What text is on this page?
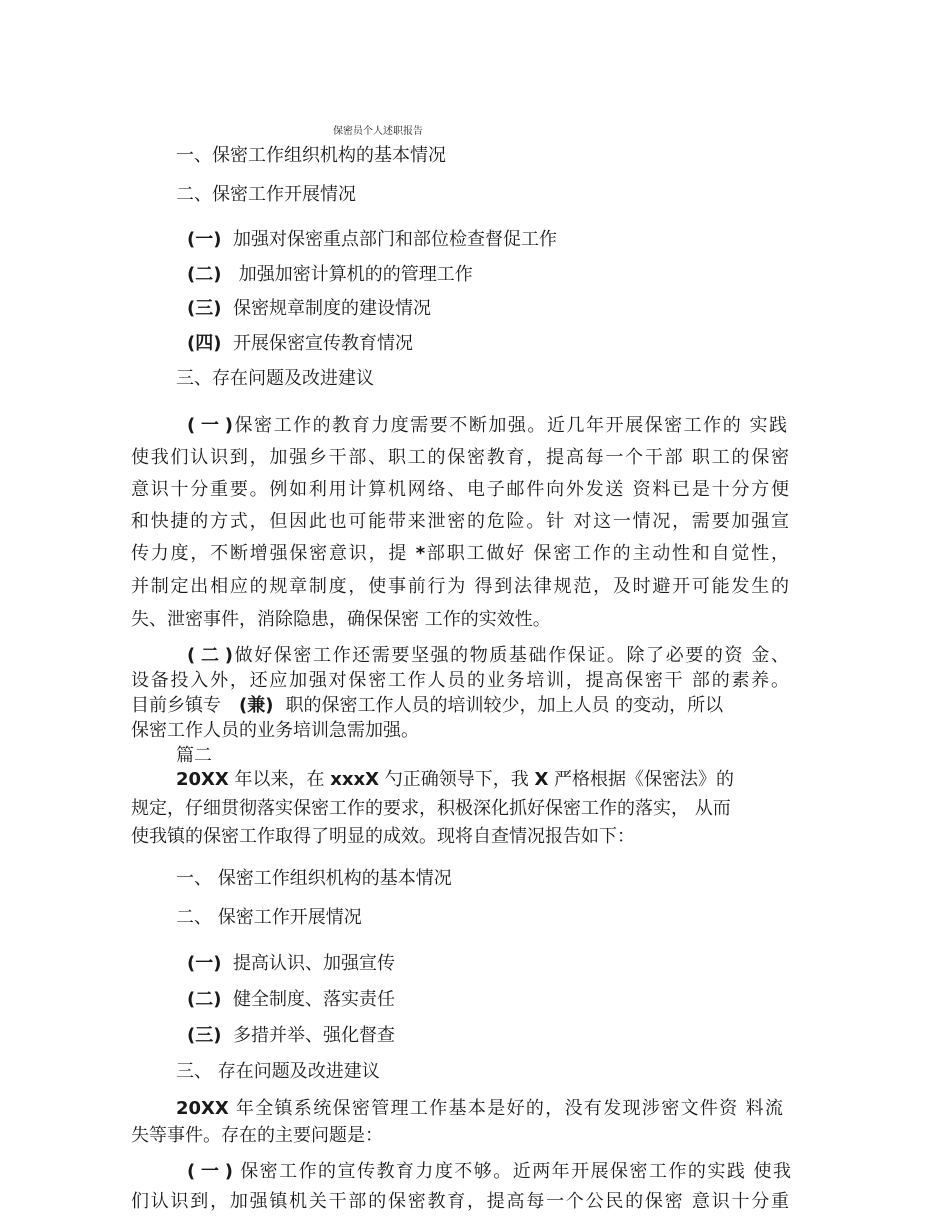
保密员个人述职报告
一、保密工作组织机构的基本情况
二、保密工作开展情况
(一) 加强对保密重点部门和部位检查督促工作
(二) 加强加密计算机的的管理工作
(三) 保密规章制度的建设情况
(四) 开展保密宣传教育情况
三、存在问题及改进建议
(一)保密工作的教育力度需要不断加强。近几年开展保密工作的 实践
使我们认识到，加强乡干部、职工的保密教育，提高每一个干部 职工的保密
意识十分重要。例如利用计算机网络、电子邮件向外发送 资料已是十分方便
和快捷的方式，但因此也可能带来泄密的危险。针 对这一情况，需要加强宣
传力度，不断增强保密意识，提 *部职工做好 保密工作的主动性和自觉性，
并制定出相应的规章制度，使事前行为 得到法律规范，及时避开可能发生的
失、泄密事件，消除隐患，确保保密 工作的实效性。
(二)做好保密工作还需要坚强的物质基础作保证。除了必要的资 金、
设备投入外，还应加强对保密工作人员的业务培训，提高保密干 部的素养。
目前乡镇专 (兼) 职的保密工作人员的培训较少，加上人员 的变动，所以
保密工作人员的业务培训急需加强。
篇二
20XX 年以来，在 xxxX 勺正确领导下，我 X 严格根据《保密法》的
规定，仔细贯彻落实保密工作的要求，积极深化抓好保密工作的落实， 从而
使我镇的保密工作取得了明显的成效。现将自查情况报告如下：
一、 保密工作组织机构的基本情况
二、 保密工作开展情况
(一) 提高认识、加强宣传
(二) 健全制度、落实责任
(三) 多措并举、强化督查
三、 存在问题及改进建议
20XX 年全镇系统保密管理工作基本是好的，没有发现涉密文件资 料流
失等事件。存在的主要问题是：
(一) 保密工作的宣传教育力度不够。近两年开展保密工作的实践 使我
们认识到，加强镇机关干部的保密教育，提高每一个公民的保密 意识十分重
